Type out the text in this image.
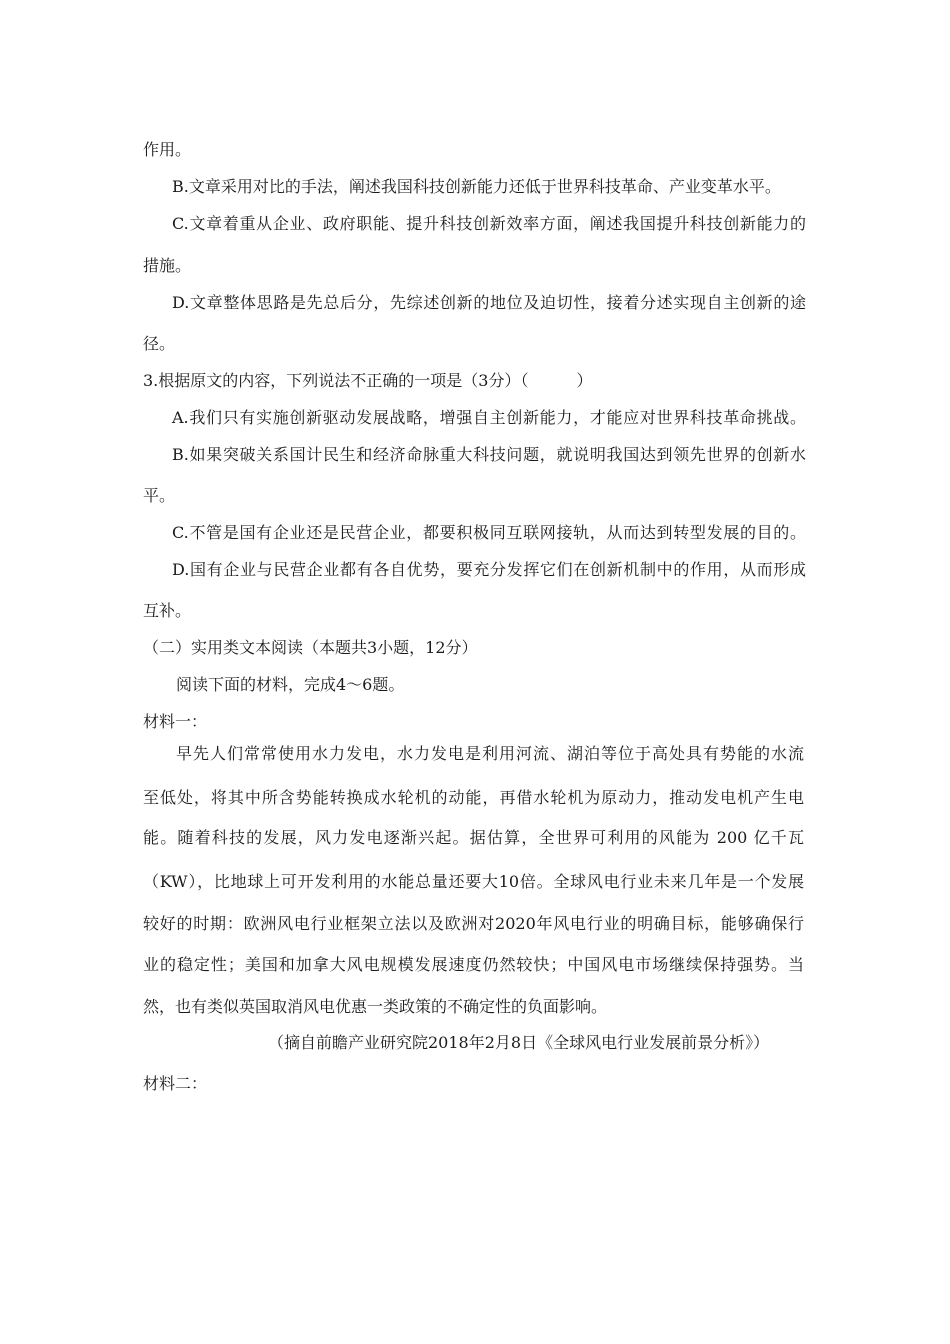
作用。
B.文章采用对比的手法，阐述我国科技创新能力还低于世界科技革命、产业变革水平。
C.文章着重从企业、政府职能、提升科技创新效率方面，阐述我国提升科技创新能力的
措施。
D.文章整体思路是先总后分，先综述创新的地位及迫切性，接着分述实现自主创新的途
径。
3.根据原文的内容，下列说法不正确的一项是（3分）（　　　）
A.我们只有实施创新驱动发展战略，增强自主创新能力，才能应对世界科技革命挑战。
B.如果突破关系国计民生和经济命脉重大科技问题，就说明我国达到领先世界的创新水
平。
C.不管是国有企业还是民营企业，都要积极同互联网接轨，从而达到转型发展的目的。
D.国有企业与民营企业都有各自优势，要充分发挥它们在创新机制中的作用，从而形成
互补。
（二）实用类文本阅读（本题共3小题，12分）
阅读下面的材料，完成4～6题。
材料一：
早先人们常常使用水力发电，水力发电是利用河流、湖泊等位于高处具有势能的水流
至低处，将其中所含势能转换成水轮机的动能，再借水轮机为原动力，推动发电机产生电
能。随着科技的发展，风力发电逐渐兴起。据估算，全世界可利用的风能为 200 亿千瓦
（KW），比地球上可开发利用的水能总量还要大10倍。全球风电行业未来几年是一个发展
较好的时期：欧洲风电行业框架立法以及欧洲对2020年风电行业的明确目标，能够确保行
业的稳定性；美国和加拿大风电规模发展速度仍然较快；中国风电市场继续保持强势。当
然，也有类似英国取消风电优惠一类政策的不确定性的负面影响。
（摘自前瞻产业研究院2018年2月8日《全球风电行业发展前景分析》）
材料二：
